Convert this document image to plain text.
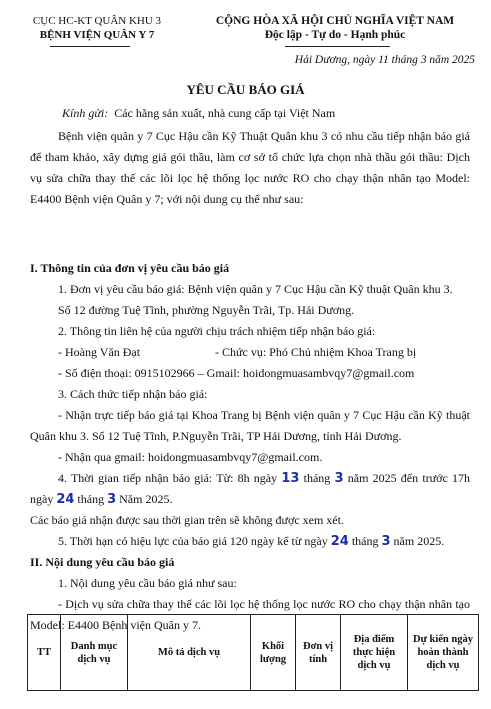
CỤC HC-KT QUÂN KHU 3
BỆNH VIỆN QUÂN Y 7
CỘNG HÒA XÃ HỘI CHỦ NGHĨA VIỆT NAM
Độc lập - Tự do - Hạnh phúc
Hải Dương, ngày 11 tháng 3 năm 2025
YÊU CẦU BÁO GIÁ
Kính gửi: Các hãng sản xuất, nhà cung cấp tại Việt Nam
Bệnh viện quân y 7 Cục Hậu cần Kỹ Thuật Quân khu 3 có nhu cầu tiếp nhận báo giá để tham khảo, xây dựng giá gói thầu, làm cơ sở tổ chức lựa chọn nhà thầu gói thầu: Dịch vụ sửa chữa thay thế các lõi lọc hệ thống lọc nước RO cho chạy thận nhân tạo Model: E4400 Bệnh viện Quân y 7; với nội dung cụ thể như sau:
I. Thông tin của đơn vị yêu cầu báo giá
1. Đơn vị yêu cầu báo giá: Bệnh viện quân y 7 Cục Hậu cần Kỹ thuật Quân khu 3.
Số 12 đường Tuệ Tĩnh, phường Nguyễn Trãi, Tp. Hải Dương.
2. Thông tin liên hệ của người chịu trách nhiệm tiếp nhận báo giá:
- Hoàng Văn Đạt	- Chức vụ: Phó Chủ nhiệm Khoa Trang bị
- Số điện thoại: 0915102966 – Gmail: hoidongmuasambvqy7@gmail.com
3. Cách thức tiếp nhận báo giá:
- Nhận trực tiếp báo giá tại Khoa Trang bị Bệnh viện quân y 7 Cục Hậu cần Kỹ thuật Quân khu 3. Số 12 Tuệ Tĩnh, P.Nguyễn Trãi, TP Hải Dương, tỉnh Hải Dương.
- Nhận qua gmail: hoidongmuasambvqy7@gmail.com.
4. Thời gian tiếp nhận báo giá: Từ: 8h ngày 13 tháng 3 năm 2025 đến trước 17h ngày 24 tháng 3 Năm 2025.
Các báo giá nhận được sau thời gian trên sẽ không được xem xét.
5. Thời hạn có hiệu lực của báo giá 120 ngày kể từ ngày 24 tháng 3 năm 2025.
II. Nội dung yêu cầu báo giá
1. Nội dung yêu cầu báo giá như sau:
- Dịch vụ sửa chữa thay thế các lõi lọc hệ thống lọc nước RO cho chạy thận nhân tạo Model: E4400 Bệnh viện Quân y 7.
TT	Danh mục dịch vụ	Mô tả dịch vụ	Khối lượng	Đơn vị tính	Địa điểm thực hiện dịch vụ	Dự kiến ngày hoàn thành dịch vụ
